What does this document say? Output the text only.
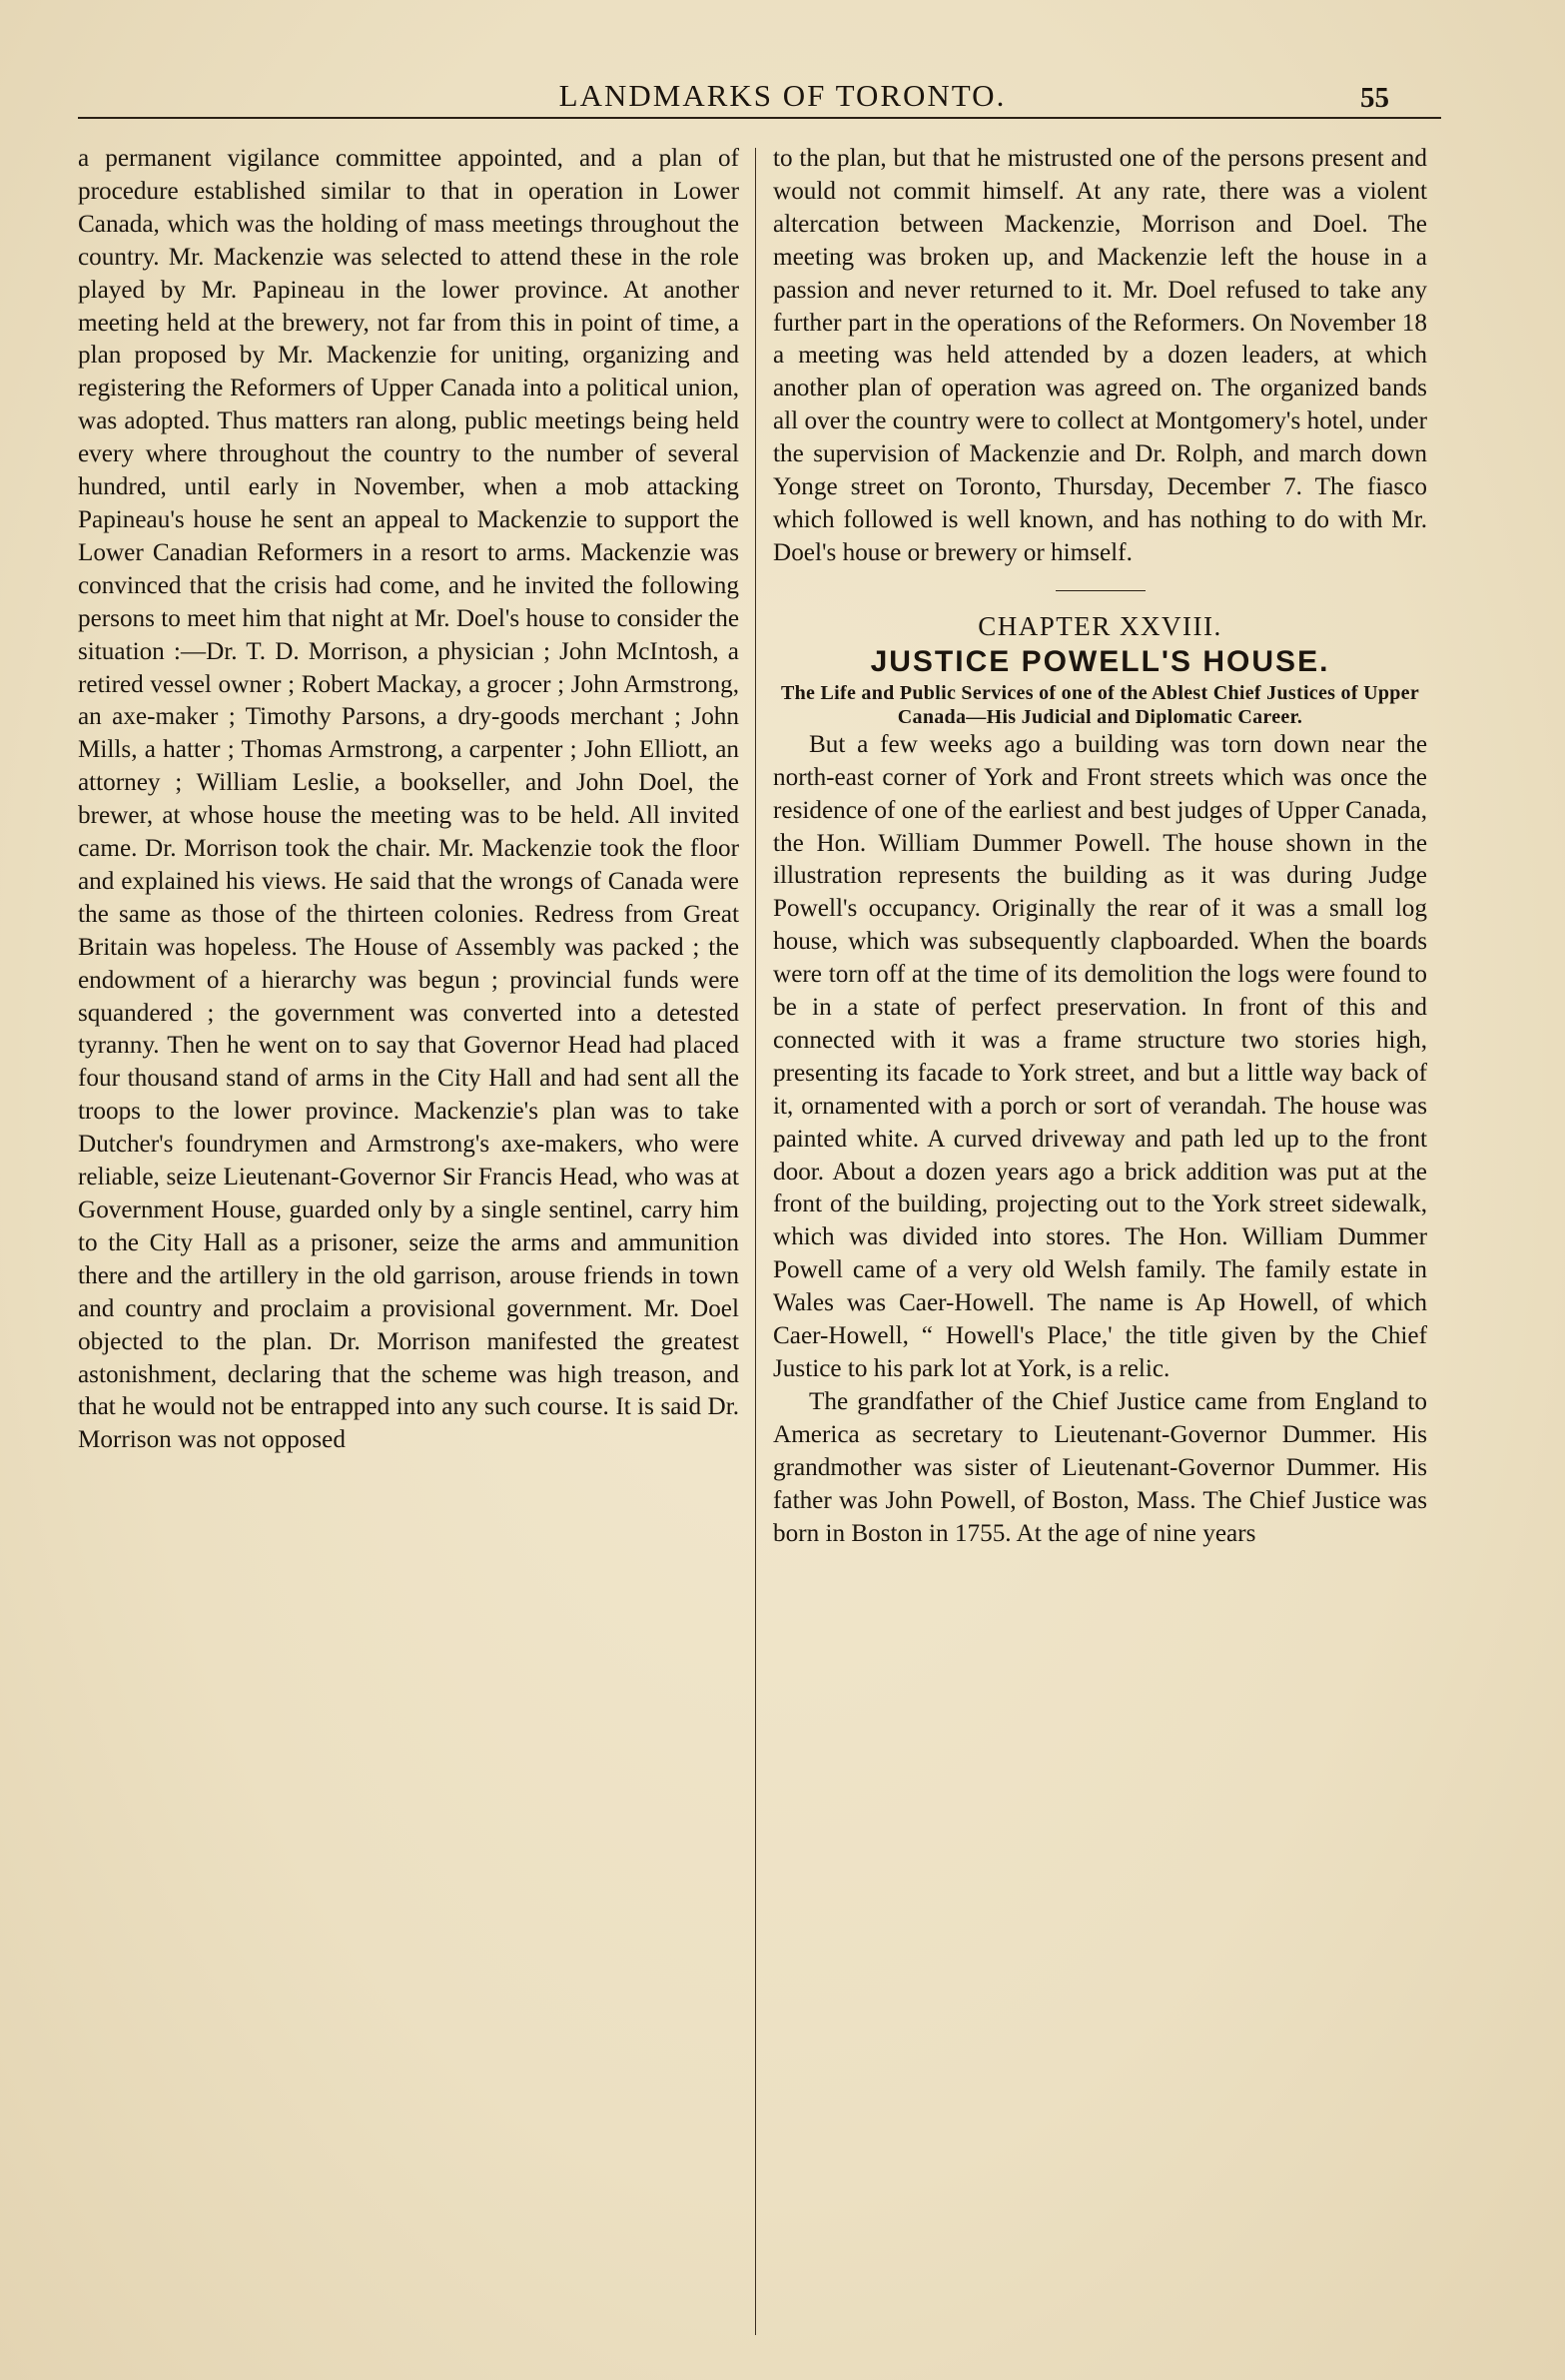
LANDMARKS OF TORONTO.	55

a permanent vigilance committee appointed, and a plan of procedure established similar to that in operation in Lower Canada, which was the holding of mass meetings throughout the country. Mr. Mackenzie was selected to attend these in the role played by Mr. Papineau in the lower province. At another meeting held at the brewery, not far from this in point of time, a plan proposed by Mr. Mackenzie for uniting, organizing and registering the Reformers of Upper Canada into a political union, was adopted. Thus matters ran along, public meetings being held every where throughout the country to the number of several hundred, until early in November, when a mob attacking Papineau's house he sent an appeal to Mackenzie to support the Lower Canadian Reformers in a resort to arms. Mackenzie was convinced that the crisis had come, and he invited the following persons to meet him that night at Mr. Doel's house to consider the situation :—Dr. T. D. Morrison, a physician ; John McIntosh, a retired vessel owner ; Robert Mackay, a grocer ; John Armstrong, an axe-maker ; Timothy Parsons, a dry-goods merchant ; John Mills, a hatter ; Thomas Armstrong, a carpenter ; John Elliott, an attorney ; William Leslie, a bookseller, and John Doel, the brewer, at whose house the meeting was to be held. All invited came. Dr. Morrison took the chair. Mr. Mackenzie took the floor and explained his views. He said that the wrongs of Canada were the same as those of the thirteen colonies. Redress from Great Britain was hopeless. The House of Assembly was packed ; the endowment of a hierarchy was begun ; provincial funds were squandered ; the government was converted into a detested tyranny. Then he went on to say that Governor Head had placed four thousand stand of arms in the City Hall and had sent all the troops to the lower province. Mackenzie's plan was to take Dutcher's foundrymen and Armstrong's axe-makers, who were reliable, seize Lieutenant-Governor Sir Francis Head, who was at Government House, guarded only by a single sentinel, carry him to the City Hall as a prisoner, seize the arms and ammunition there and the artillery in the old garrison, arouse friends in town and country and proclaim a provisional government. Mr. Doel objected to the plan. Dr. Morrison manifested the greatest astonishment, declaring that the scheme was high treason, and that he would not be entrapped into any such course. It is said Dr. Morrison was not opposed

to the plan, but that he mistrusted one of the persons present and would not commit himself. At any rate, there was a violent altercation between Mackenzie, Morrison and Doel. The meeting was broken up, and Mackenzie left the house in a passion and never returned to it. Mr. Doel refused to take any further part in the operations of the Reformers. On November 18 a meeting was held attended by a dozen leaders, at which another plan of operation was agreed on. The organized bands all over the country were to collect at Montgomery's hotel, under the supervision of Mackenzie and Dr. Rolph, and march down Yonge street on Toronto, Thursday, December 7. The fiasco which followed is well known, and has nothing to do with Mr. Doel's house or brewery or himself.

CHAPTER XXVIII.

JUSTICE POWELL'S HOUSE.

The Life and Public Services of one of the Ablest Chief Justices of Upper Canada—His Judicial and Diplomatic Career.

But a few weeks ago a building was torn down near the north-east corner of York and Front streets which was once the residence of one of the earliest and best judges of Upper Canada, the Hon. William Dummer Powell. The house shown in the illustration represents the building as it was during Judge Powell's occupancy. Originally the rear of it was a small log house, which was subsequently clapboarded. When the boards were torn off at the time of its demolition the logs were found to be in a state of perfect preservation. In front of this and connected with it was a frame structure two stories high, presenting its facade to York street, and but a little way back of it, ornamented with a porch or sort of verandah. The house was painted white. A curved driveway and path led up to the front door. About a dozen years ago a brick addition was put at the front of the building, projecting out to the York street sidewalk, which was divided into stores. The Hon. William Dummer Powell came of a very old Welsh family. The family estate in Wales was Caer-Howell. The name is Ap Howell, of which Caer-Howell, “ Howell's Place,' the title given by the Chief Justice to his park lot at York, is a relic.

The grandfather of the Chief Justice came from England to America as secretary to Lieutenant-Governor Dummer. His grandmother was sister of Lieutenant-Governor Dummer. His father was John Powell, of Boston, Mass. The Chief Justice was born in Boston in 1755. At the age of nine years
